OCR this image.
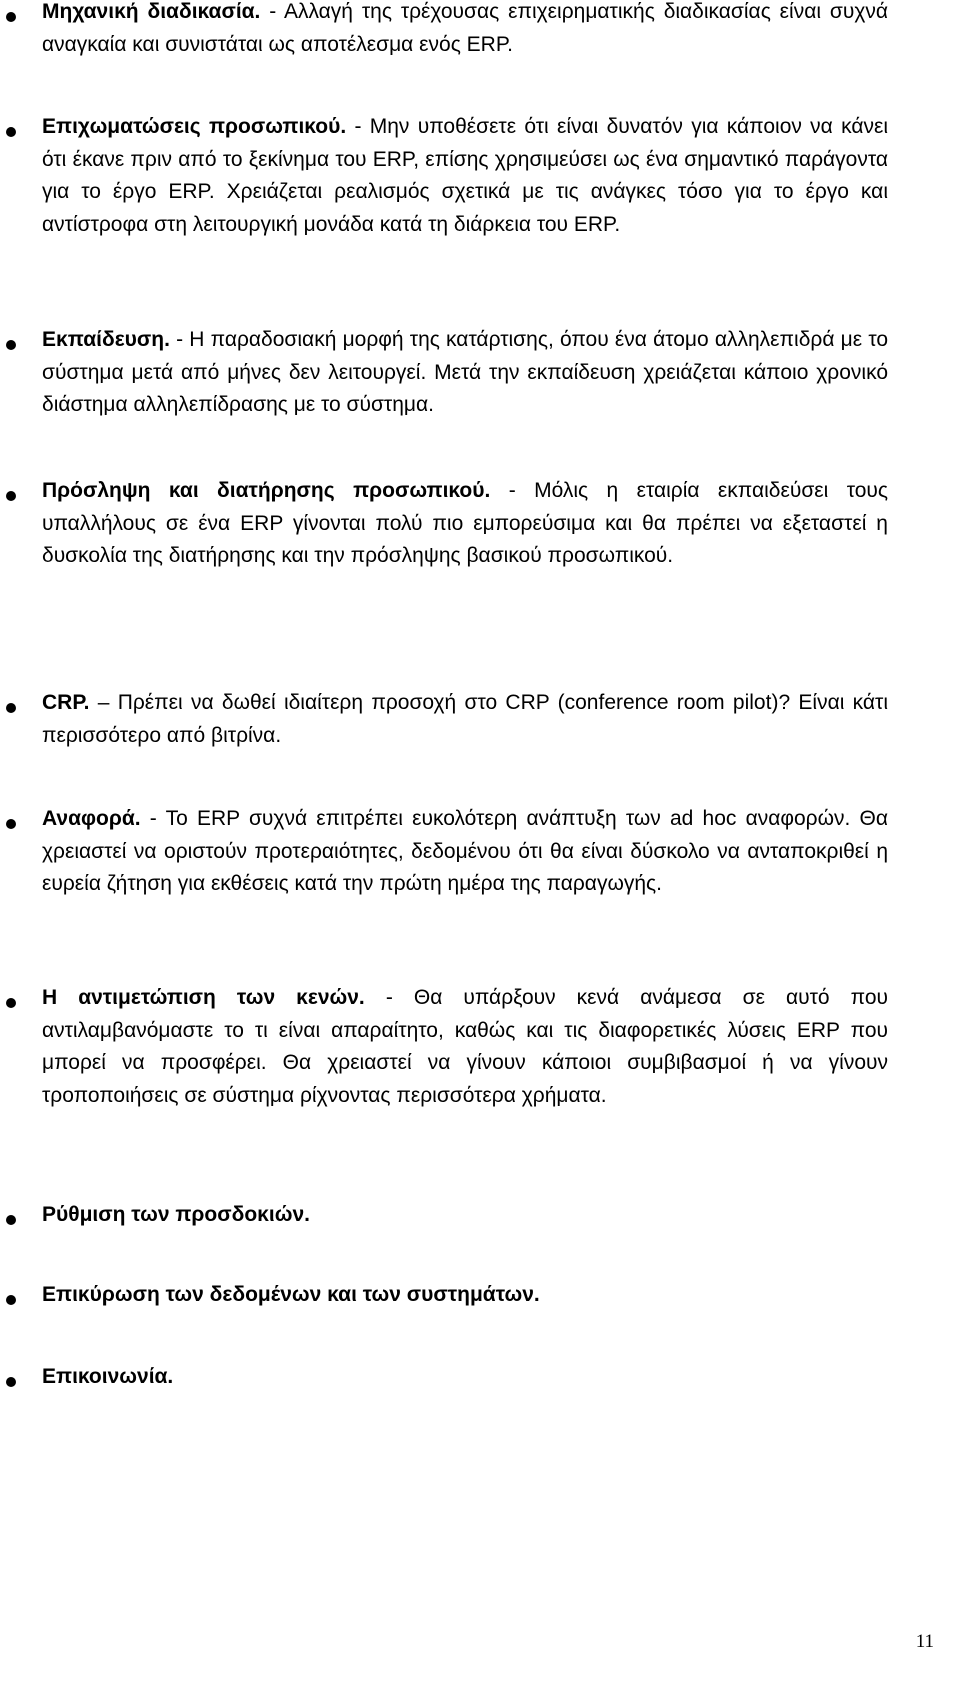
Μηχανική διαδικασία. - Αλλαγή της τρέχουσας επιχειρηματικής διαδικασίας είναι συχνά αναγκαία και συνιστάται ως αποτέλεσμα ενός ERP.

Επιχωματώσεις προσωπικού. - Μην υποθέσετε ότι είναι δυνατόν για κάποιον να κάνει ότι έκανε πριν από το ξεκίνημα του ERP, επίσης χρησιμεύσει ως ένα σημαντικό παράγοντα για το έργο ERP. Χρειάζεται ρεαλισμός σχετικά με τις ανάγκες τόσο για το έργο και αντίστροφα στη λειτουργική μονάδα κατά τη διάρκεια του ERP.

Εκπαίδευση. - Η παραδοσιακή μορφή της κατάρτισης, όπου ένα άτομο αλληλεπιδρά με το σύστημα μετά από μήνες δεν λειτουργεί. Μετά την εκπαίδευση χρειάζεται κάποιο χρονικό διάστημα αλληλεπίδρασης με το σύστημα.

Πρόσληψη και διατήρησης προσωπικού. - Μόλις η εταιρία εκπαιδεύσει τους υπαλλήλους σε ένα ERP γίνονται πολύ πιο εμπορεύσιμα και θα πρέπει να εξεταστεί η δυσκολία της διατήρησης και την πρόσληψης βασικού προσωπικού.

CRP. – Πρέπει να δωθεί ιδιαίτερη προσοχή στο CRP (conference room pilot)? Είναι κάτι περισσότερο από βιτρίνα.

Αναφορά. - Το ERP συχνά επιτρέπει ευκολότερη ανάπτυξη των ad hoc αναφορών. Θα χρειαστεί να οριστούν προτεραιότητες, δεδομένου ότι θα είναι δύσκολο να ανταποκριθεί η ευρεία ζήτηση για εκθέσεις κατά την πρώτη ημέρα της παραγωγής.

Η αντιμετώπιση των κενών. - Θα υπάρξουν κενά ανάμεσα σε αυτό που αντιλαμβανόμαστε το τι είναι απαραίτητο, καθώς και τις διαφορετικές λύσεις ERP που μπορεί να προσφέρει. Θα χρειαστεί να γίνουν κάποιοι συμβιβασμοί ή να γίνουν τροποποιήσεις σε σύστημα ρίχνοντας περισσότερα χρήματα.

Ρύθμιση των προσδοκιών.

Επικύρωση των δεδομένων και των συστημάτων.

Επικοινωνία.

11
